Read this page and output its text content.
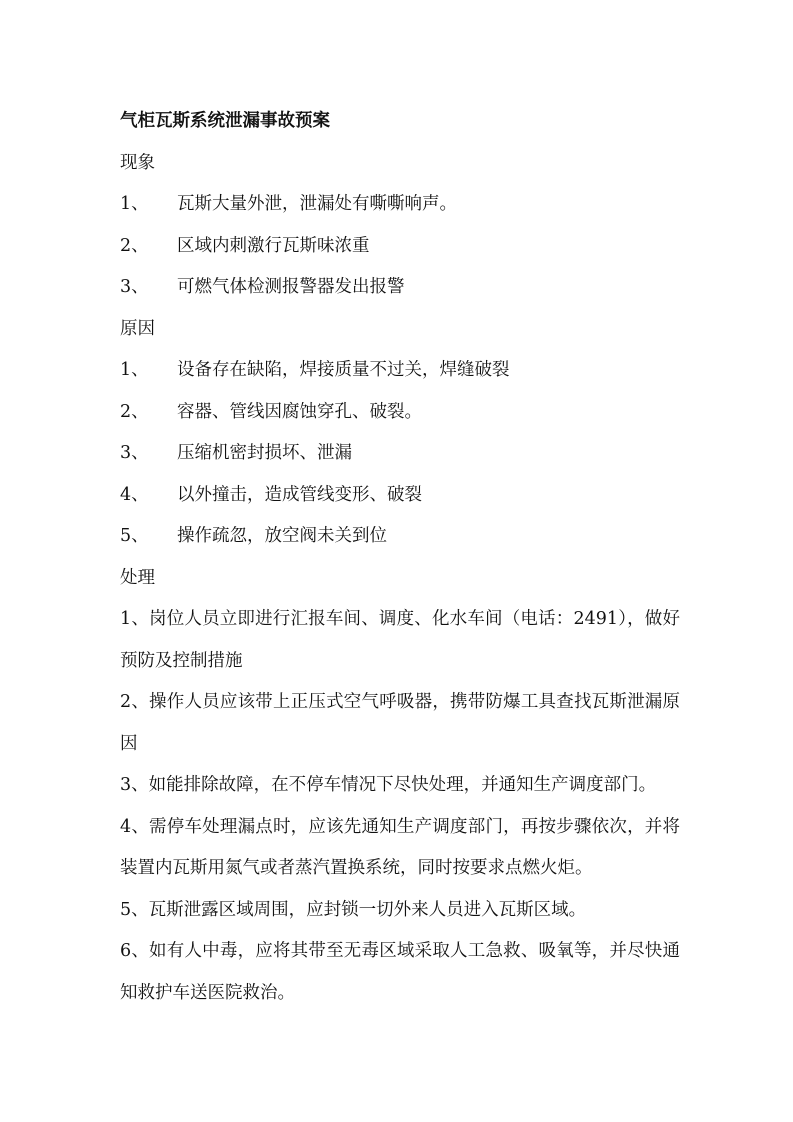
气柜瓦斯系统泄漏事故预案
现象
1、	瓦斯大量外泄，泄漏处有嘶嘶响声。
2、	区域内刺激行瓦斯味浓重
3、	可燃气体检测报警器发出报警
原因
1、	设备存在缺陷，焊接质量不过关，焊缝破裂
2、	容器、管线因腐蚀穿孔、破裂。
3、	压缩机密封损坏、泄漏
4、	以外撞击，造成管线变形、破裂
5、	操作疏忽，放空阀未关到位
处理
1、岗位人员立即进行汇报车间、调度、化水车间（电话：2491），做好预防及控制措施
2、操作人员应该带上正压式空气呼吸器，携带防爆工具查找瓦斯泄漏原因
3、如能排除故障，在不停车情况下尽快处理，并通知生产调度部门。
4、需停车处理漏点时，应该先通知生产调度部门，再按步骤依次，并将装置内瓦斯用氮气或者蒸汽置换系统，同时按要求点燃火炬。
5、瓦斯泄露区域周围，应封锁一切外来人员进入瓦斯区域。
6、如有人中毒，应将其带至无毒区域采取人工急救、吸氧等，并尽快通知救护车送医院救治。
